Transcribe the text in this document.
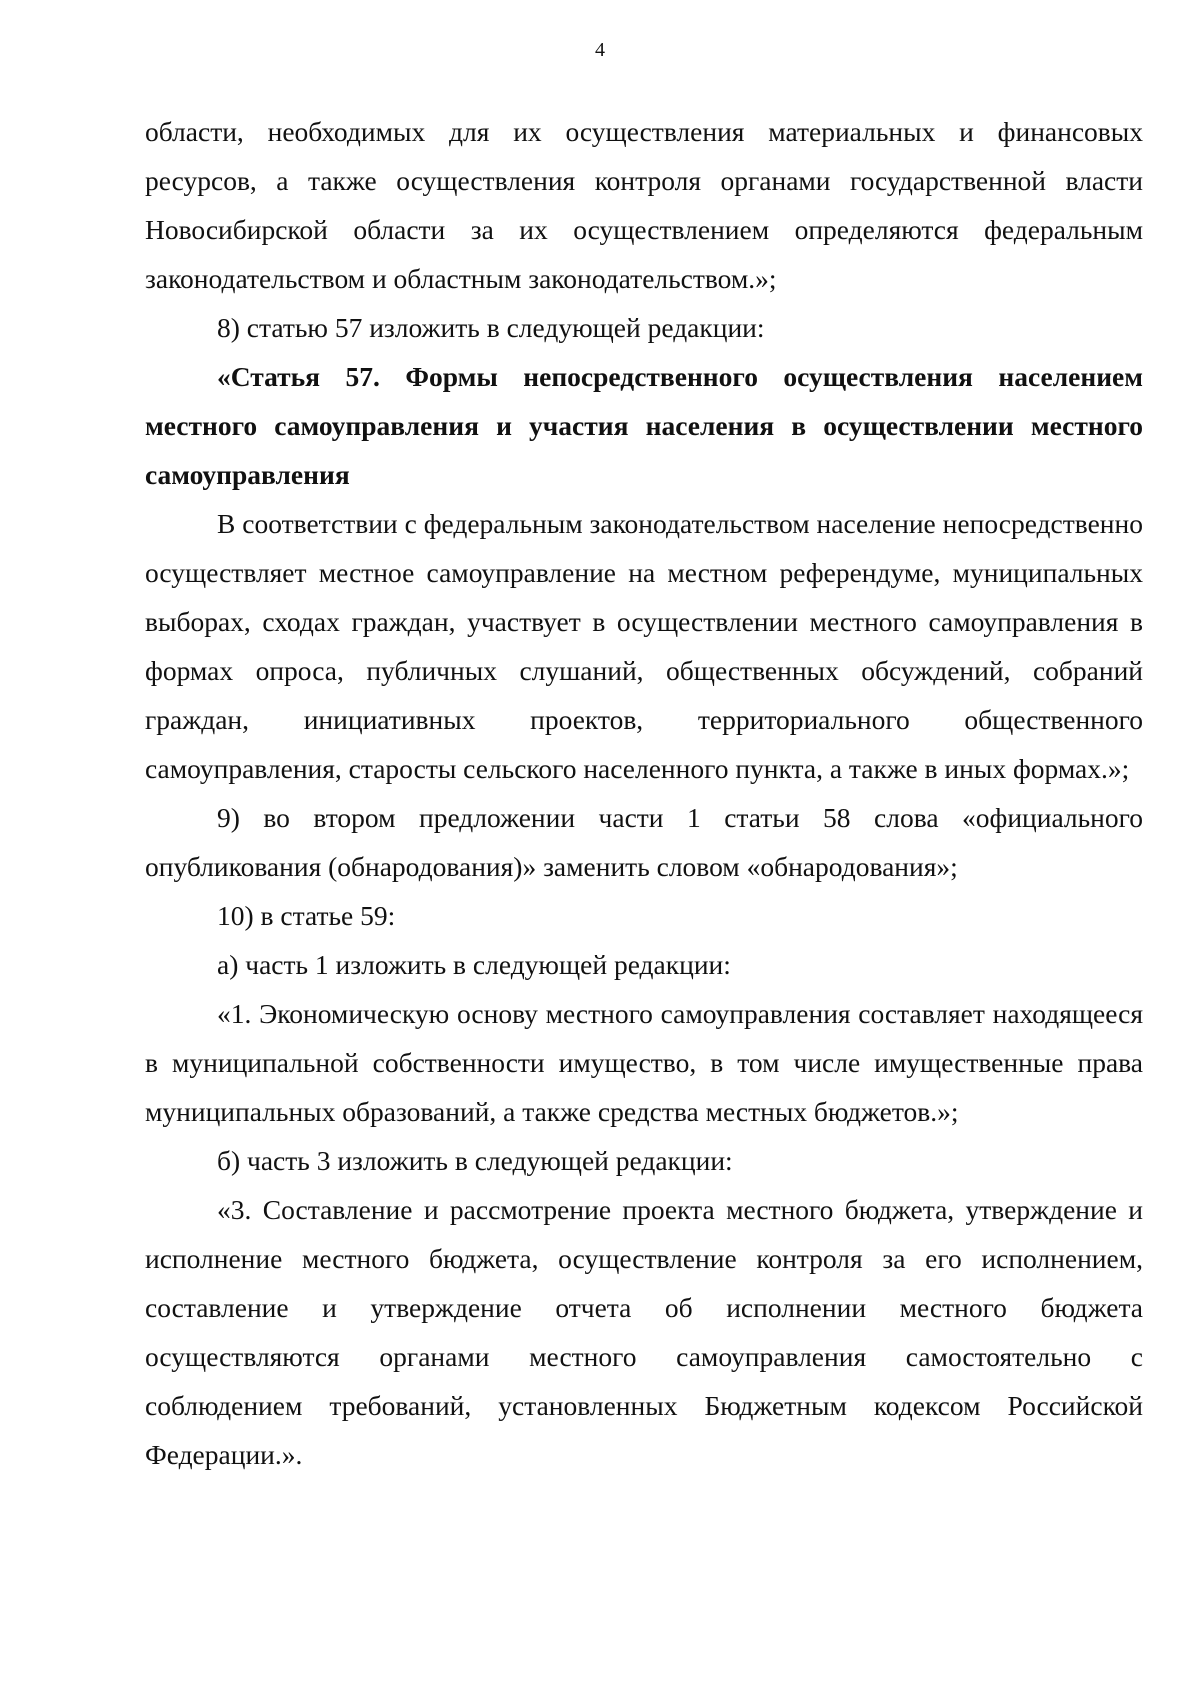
4

области, необходимых для их осуществления материальных и финансовых ресурсов, а также осуществления контроля органами государственной власти Новосибирской области за их осуществлением определяются федеральным законодательством и областным законодательством.»;

8) статью 57 изложить в следующей редакции:

«Статья 57. Формы непосредственного осуществления населением местного самоуправления и участия населения в осуществлении местного самоуправления

В соответствии с федеральным законодательством население непосредственно осуществляет местное самоуправление на местном референдуме, муниципальных выборах, сходах граждан, участвует в осуществлении местного самоуправления в формах опроса, публичных слушаний, общественных обсуждений, собраний граждан, инициативных проектов, территориального общественного самоуправления, старосты сельского населенного пункта, а также в иных формах.»;

9) во втором предложении части 1 статьи 58 слова «официального опубликования (обнародования)» заменить словом «обнародования»;

10) в статье 59:

а) часть 1 изложить в следующей редакции:

«1. Экономическую основу местного самоуправления составляет находящееся в муниципальной собственности имущество, в том числе имущественные права муниципальных образований, а также средства местных бюджетов.»;

б) часть 3 изложить в следующей редакции:

«3. Составление и рассмотрение проекта местного бюджета, утверждение и исполнение местного бюджета, осуществление контроля за его исполнением, составление и утверждение отчета об исполнении местного бюджета осуществляются органами местного самоуправления самостоятельно с соблюдением требований, установленных Бюджетным кодексом Российской Федерации.».
